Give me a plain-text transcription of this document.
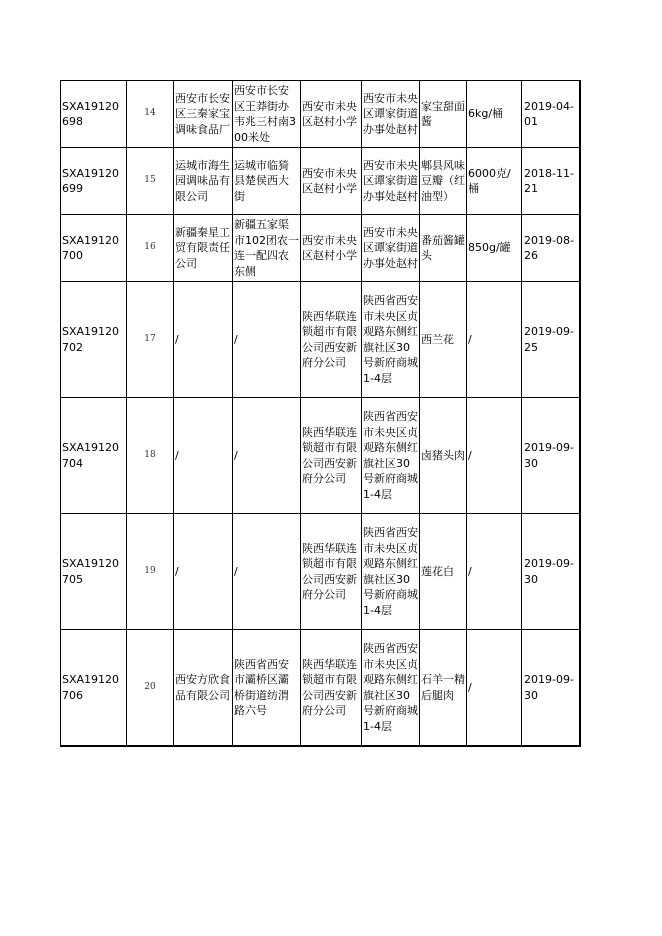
SXA19120698	14	西安市长安区三秦家宝调味食品厂	西安市长安区王莽街办韦兆三村南300米处	西安市未央区赵村小学	西安市未央区谭家街道办事处赵村	家宝甜面酱	6kg/桶	2019-04-01
SXA19120699	15	运城市海生园调味品有限公司	运城市临猗县楚侯西大街	西安市未央区赵村小学	西安市未央区谭家街道办事处赵村	郫县风味豆瓣（红油型）	6000克/桶	2018-11-21
SXA19120700	16	新疆秦星工贸有限责任公司	新疆五家渠市102团农一连一配四农东侧	西安市未央区赵村小学	西安市未央区谭家街道办事处赵村	番茄酱罐头	850g/罐	2019-08-26
SXA19120702	17	/	/	陕西华联连锁超市有限公司西安新府分公司	陕西省西安市未央区贞观路东侧红旗社区30号新府商城1-4层	西兰花	/	2019-09-25
SXA19120704	18	/	/	陕西华联连锁超市有限公司西安新府分公司	陕西省西安市未央区贞观路东侧红旗社区30号新府商城1-4层	卤猪头肉	/	2019-09-30
SXA19120705	19	/	/	陕西华联连锁超市有限公司西安新府分公司	陕西省西安市未央区贞观路东侧红旗社区30号新府商城1-4层	莲花白	/	2019-09-30
SXA19120706	20	西安方欣食品有限公司	陕西省西安市灞桥区灞桥街道纺渭路六号	陕西华联连锁超市有限公司西安新府分公司	陕西省西安市未央区贞观路东侧红旗社区30号新府商城1-4层	石羊一精后腿肉	/	2019-09-30
